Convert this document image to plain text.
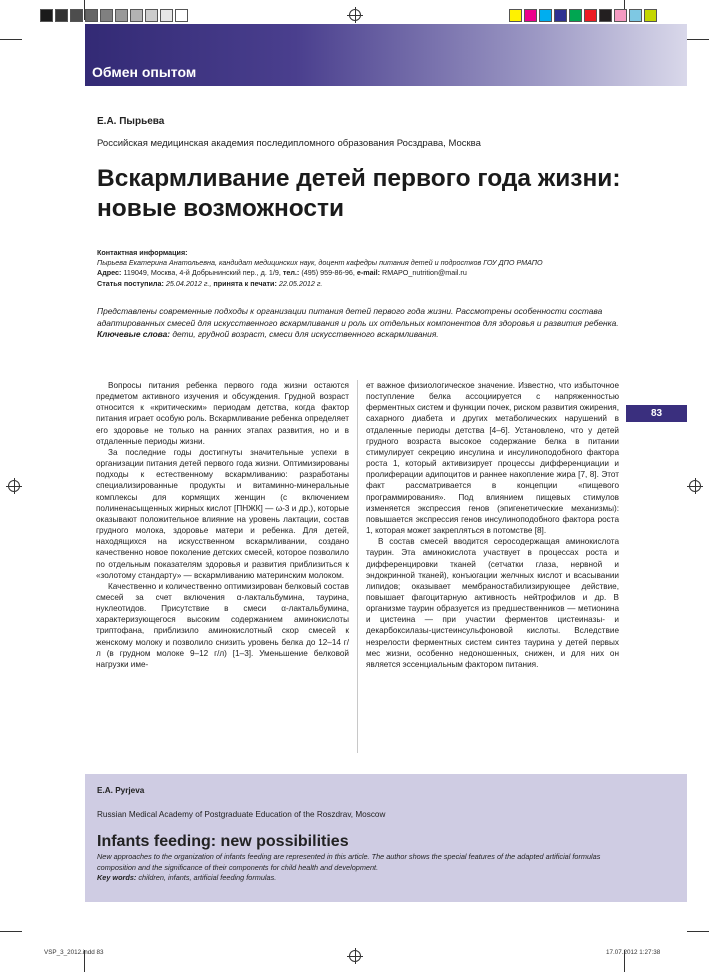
Обмен опытом
Е.А. Пырьева
Российская медицинская академия последипломного образования Росздрава, Москва
Вскармливание детей первого года жизни: новые возможности
Контактная информация:
Пырьева Екатерина Анатольевна, кандидат медицинских наук, доцент кафедры питания детей и подростков ГОУ ДПО РМАПО
Адрес: 119049, Москва, 4-й Добрынинский пер., д. 1/9, тел.: (495) 959-86-96, e-mail: RMAPO_nutrition@mail.ru
Статья поступила: 25.04.2012 г., принята к печати: 22.05.2012 г.
Представлены современные подходы к организации питания детей первого года жизни. Рассмотрены особенности состава адаптированных смесей для искусственного вскармливания и роль их отдельных компонентов для здоровья и развития ребенка.
Ключевые слова: дети, грудной возраст, смеси для искусственного вскармливания.

Вопросы питания ребенка первого года жизни остаются предметом активного изучения и обсуждения. Грудной возраст относится к «критическим» периодам детства, когда фактор питания играет особую роль. Вскармливание ребенка определяет его здоровье не только на ранних этапах развития, но и в отдаленные периоды жизни.

За последние годы достигнуты значительные успехи в организации питания детей первого года жизни. Оптимизированы подходы к естественному вскармливанию: разработаны специализированные продукты и витаминно-минеральные комплексы для кормящих женщин (с включением полиненасыщенных жирных кислот [ПНЖК] — ω-3 и др.), которые оказывают положительное влияние на уровень лактации, состав грудного молока, здоровье матери и ребенка. Для детей, находящихся на искусственном вскармливании, создано качественно новое поколение детских смесей, которое позволило по отдельным показателям здоровья и развития приблизиться к «золотому стандарту» — вскармливанию материнским молоком.

Качественно и количественно оптимизирован белковый состав смесей за счет включения α-лактальбумина, таурина, нуклеотидов. Присутствие в смеси α-лактальбумина, характеризующегося высоким содержанием аминокислоты триптофана, приблизило аминокислотный скор смесей к женскому молоку и позволило снизить уровень белка до 12–14 г/л (в грудном молоке 9–12 г/л) [1–3]. Уменьшение белковой нагрузки име-

ет важное физиологическое значение. Известно, что избыточное поступление белка ассоциируется с напряженностью ферментных систем и функции почек, риском развития ожирения, сахарного диабета и других метаболических нарушений в отдаленные периоды детства [4–6]. Установлено, что у детей грудного возраста высокое содержание белка в питании стимулирует секрецию инсулина и инсулиноподобного фактора роста 1, который активизирует процессы дифференциации и пролиферации адипоцитов и раннее накопление жира [7, 8]. Этот факт рассматривается в концепции «пищевого программирования». Под влиянием пищевых стимулов изменяется экспрессия генов (эпигенетические механизмы): повышается экспрессия генов инсулиноподобного фактора роста 1, которая может закрепляться в потомстве [8].

В состав смесей вводится серосодержащая аминокислота таурин. Эта аминокислота участвует в процессах роста и дифференцировки тканей (сетчатки глаза, нервной и эндокринной тканей), конъюгации желчных кислот и всасывании липидов; оказывает мембраностабилизирующее действие, повышает фагоцитарную активность нейтрофилов и др. В организме таурин образуется из предшественников — метионина и цистеина — при участии ферментов цистеиназы- и декарбоксилазы-цистеинсульфоновой кислоты. Вследствие незрелости ферментных систем синтез таурина у детей первых мес жизни, особенно недоношенных, снижен, и для них он является эссенциальным фактором питания.

83
E.A. Pyrjeva
Russian Medical Academy of Postgraduate Education of the Roszdrav, Moscow
Infants feeding: new possibilities
New approaches to the organization of infants feeding are represented in this article. The author shows the special features of the adapted artificial formulas composition and the significance of their components for child health and development.
Key words: children, infants, artificial feeding formulas.
VSP_3_2012.indd 83	17.07.2012 1:27:38
